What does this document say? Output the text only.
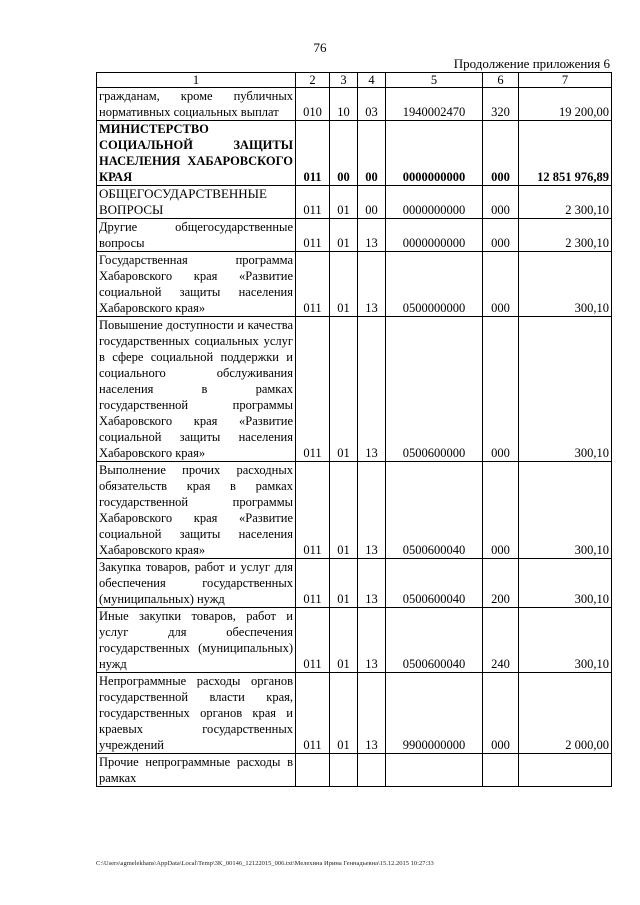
76
Продолжение приложения 6
1	2	3	4	5	6	7
гражданам, кроме публичных нормативных социальных выплат	010	10	03	1940002470	320	19 200,00
МИНИСТЕРСТВО СОЦИАЛЬНОЙ ЗАЩИТЫ НАСЕЛЕНИЯ ХАБАРОВСКОГО КРАЯ	011	00	00	0000000000	000	12 851 976,89
ОБЩЕГОСУДАРСТВЕННЫЕ ВОПРОСЫ	011	01	00	0000000000	000	2 300,10
Другие общегосударственные вопросы	011	01	13	0000000000	000	2 300,10
Государственная программа Хабаровского края «Развитие социальной защиты населения Хабаровского края»	011	01	13	0500000000	000	300,10
Повышение доступности и качества государственных социальных услуг в сфере социальной поддержки и социального обслуживания населения в рамках государственной программы Хабаровского края «Развитие социальной защиты населения Хабаровского края»	011	01	13	0500600000	000	300,10
Выполнение прочих расходных обязательств края в рамках государственной программы Хабаровского края «Развитие социальной защиты населения Хабаровского края»	011	01	13	0500600040	000	300,10
Закупка товаров, работ и услуг для обеспечения государственных (муниципальных) нужд	011	01	13	0500600040	200	300,10
Иные закупки товаров, работ и услуг для обеспечения государственных (муниципальных) нужд	011	01	13	0500600040	240	300,10
Непрограммные расходы органов государственной власти края, государственных органов края и краевых государственных учреждений	011	01	13	9900000000	000	2 000,00
Прочие непрограммные расходы в рамках						
C:\Users\agmelekhans\AppData\Local\Temp\3K_00146_12122015_006.txt\Мелехина Ирина Геннадьевна\15.12.2015 10:27:33
